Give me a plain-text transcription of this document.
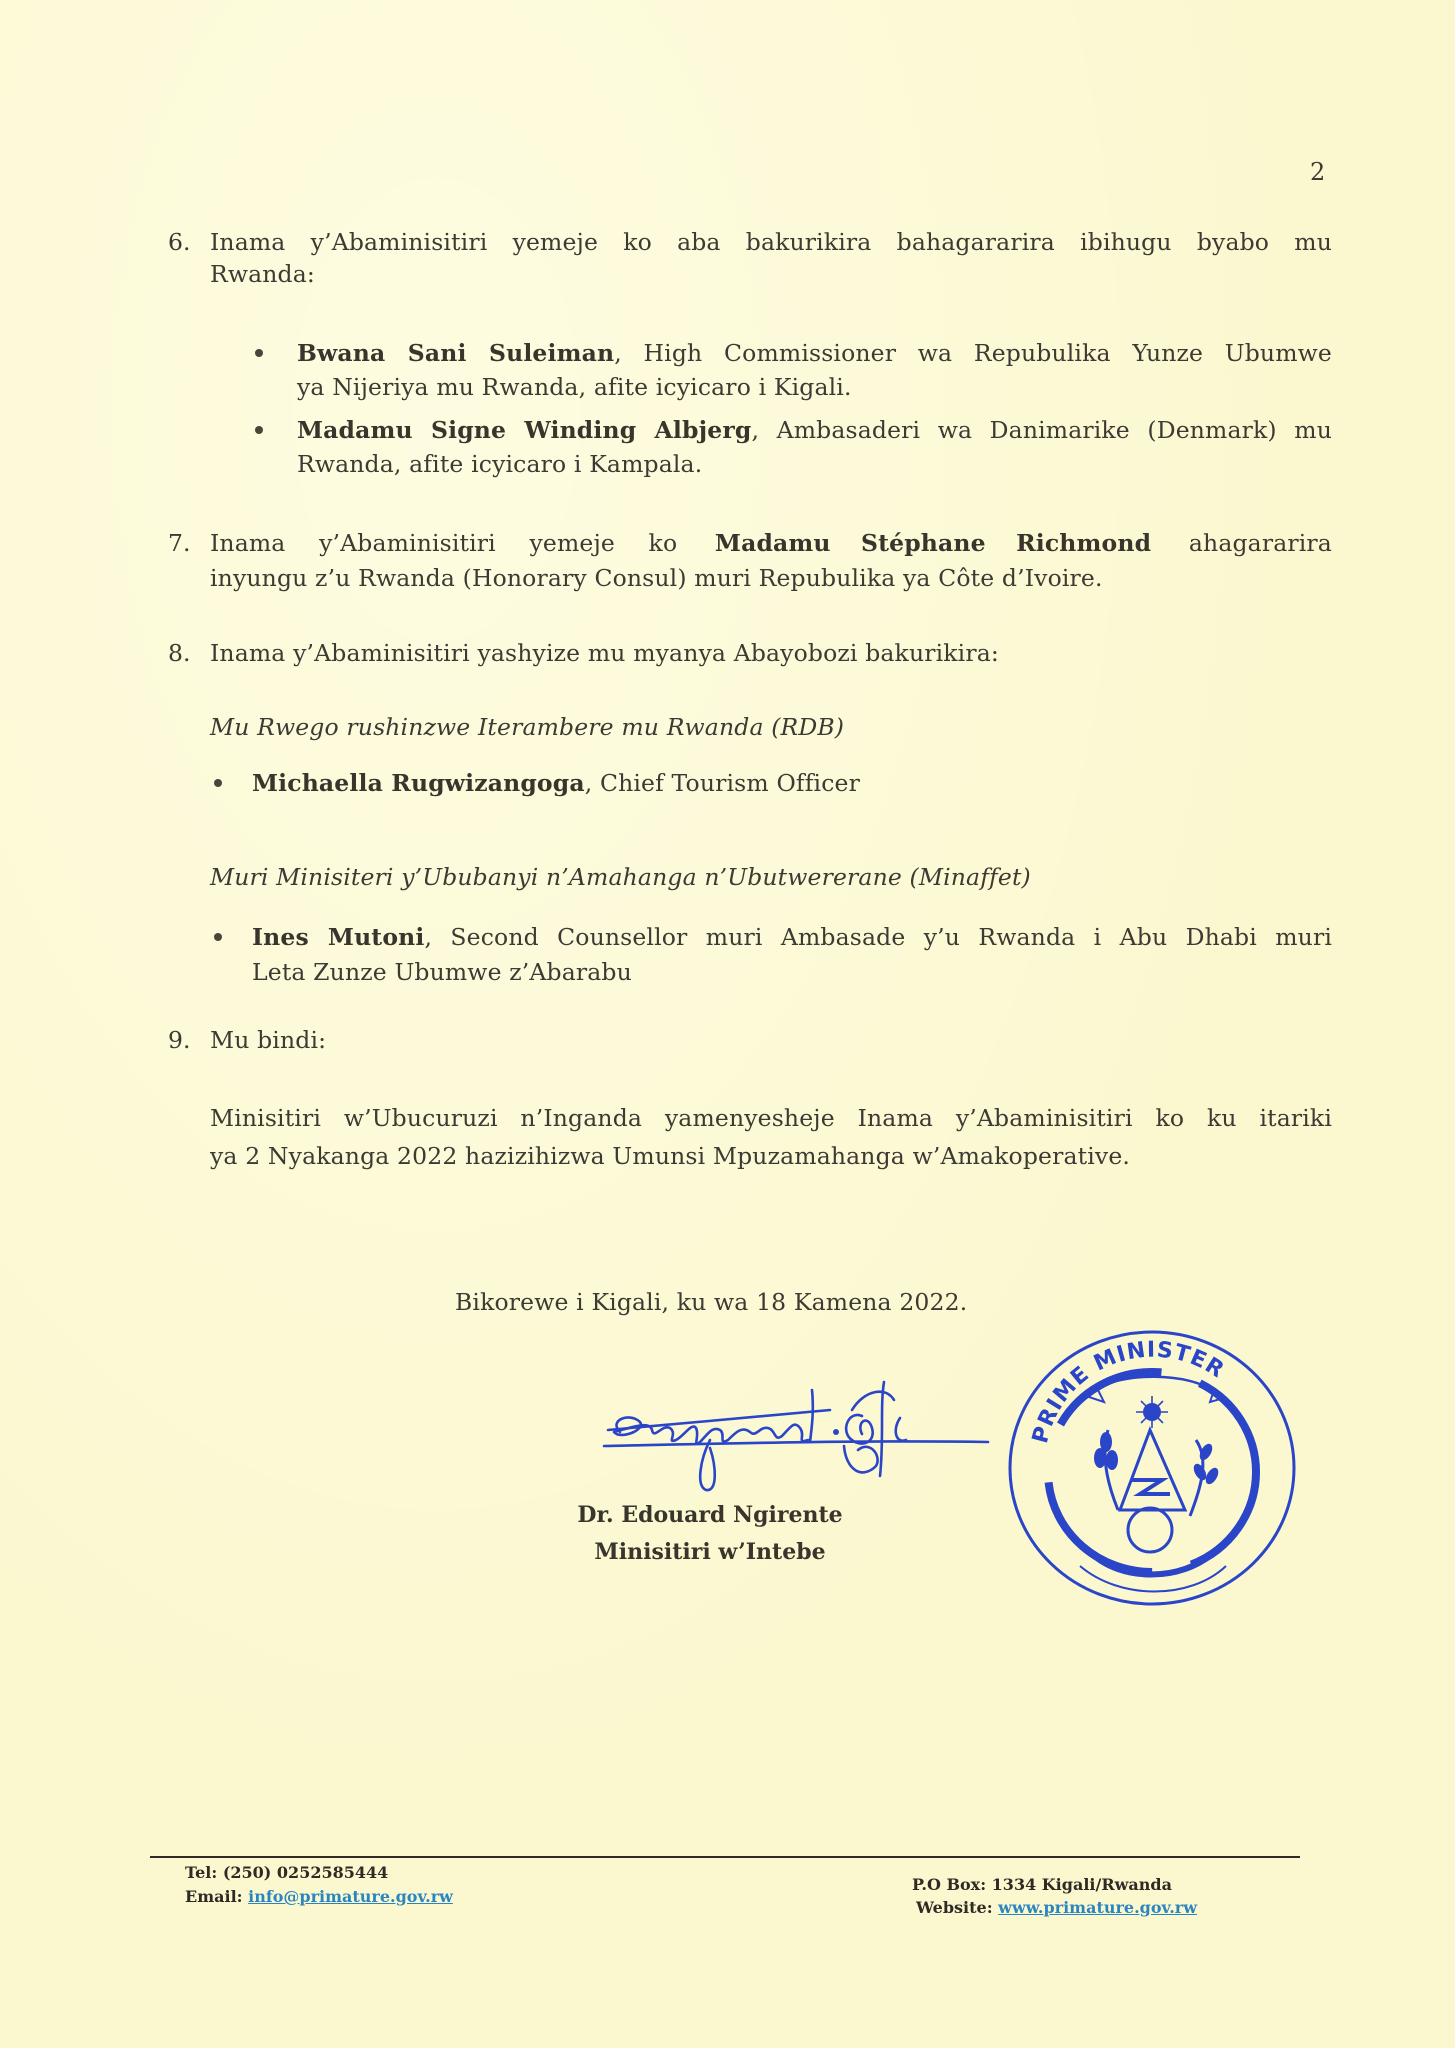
2
6. Inama y’Abaminisitiri yemeje ko aba bakurikira bahagararira ibihugu byabo mu
Rwanda:
Bwana Sani Suleiman, High Commissioner wa Repubulika Yunze Ubumwe
ya Nijeriya mu Rwanda, afite icyicaro i Kigali.
Madamu Signe Winding Albjerg, Ambasaderi wa Danimarike (Denmark) mu
Rwanda, afite icyicaro i Kampala.
7. Inama y’Abaminisitiri yemeje ko Madamu Stéphane Richmond ahagararira
inyungu z’u Rwanda (Honorary Consul) muri Repubulika ya Côte d’Ivoire.
8. Inama y’Abaminisitiri yashyize mu myanya Abayobozi bakurikira:
Mu Rwego rushinzwe Iterambere mu Rwanda (RDB)
Michaella Rugwizangoga, Chief Tourism Officer
Muri Minisiteri y’Ububanyi n’Amahanga n’Ubutwererane (Minaffet)
Ines Mutoni, Second Counsellor muri Ambasade y’u Rwanda i Abu Dhabi muri
Leta Zunze Ubumwe z’Abarabu
9. Mu bindi:
Minisitiri w’Ubucuruzi n’Inganda yamenyesheje Inama y’Abaminisitiri ko ku itariki
ya 2 Nyakanga 2022 hazizihizwa Umunsi Mpuzamahanga w’Amakoperative.
Bikorewe i Kigali, ku wa 18 Kamena 2022.
Dr. Edouard Ngirente
Minisitiri w’Intebe
PRIME MINISTER
Tel: (250) 0252585444
Email: info@primature.gov.rw
P.O Box: 1334 Kigali/Rwanda
Website: www.primature.gov.rw
